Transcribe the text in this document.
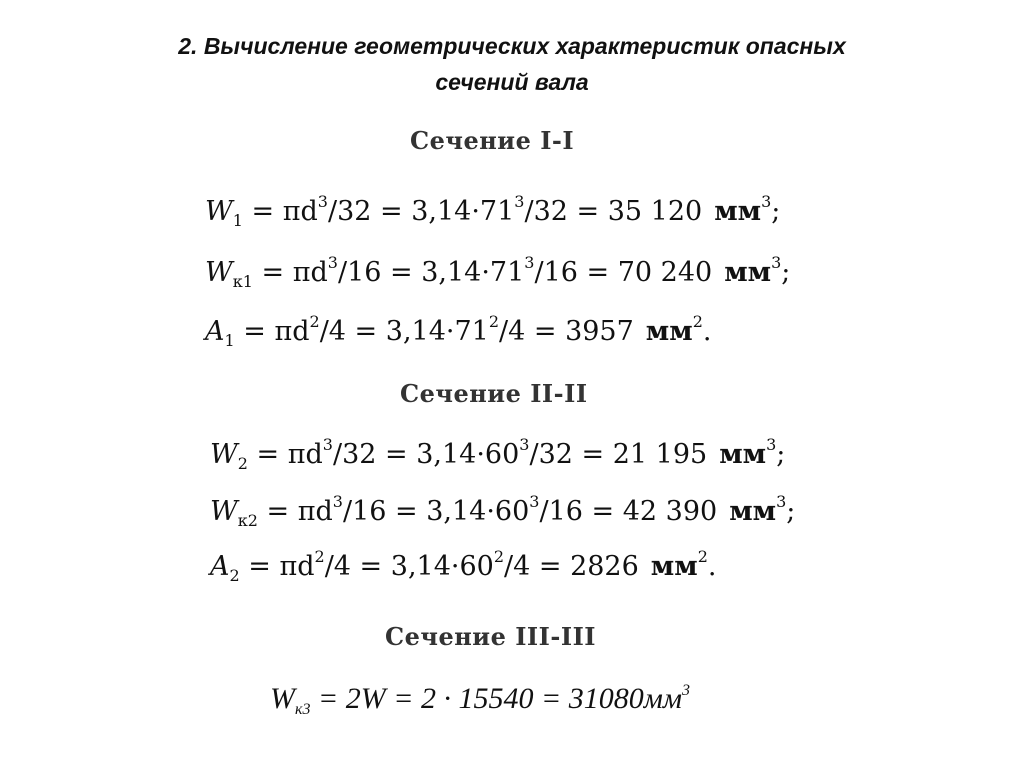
2. Вычисление геометрических характеристик опасных
сечений вала
Сечение I-I
$W_1 = \pi d^3/32 = 3,14\cdot 71^3/32 = 35$ 120 $мм^3$;
$W_{к1} = \pi d^3/16 = 3,14\cdot 71^3/16 = 70$ 240 $мм^3$;
$A_1 = \pi d^2/4 = 3,14\cdot 71^2/4 = 3957$ $мм^2$.
Сечение II-II
$W_2 = \pi d^3/32 = 3,14\cdot 60^3/32 = 21$ 195 $мм^3$;
$W_{к2} = \pi d^3/16 = 3,14\cdot 60^3/16 = 42$ 390 $мм^3$;
$A_2 = \pi d^2/4 = 3,14\cdot 60^2/4 = 2826$ $мм^2$.
Сечение III-III
$W_{к3} = 2W = 2 \cdot 15540 = 31080мм^3$
